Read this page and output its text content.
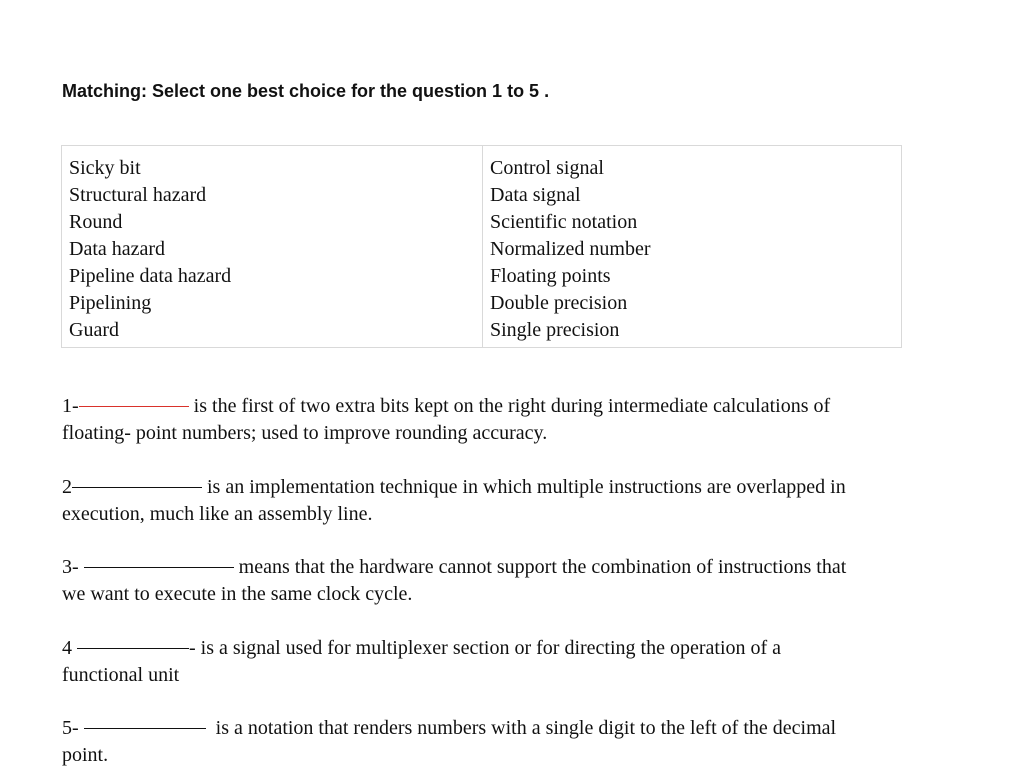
Matching: Select one best choice for the question 1 to 5 .
Sicky bit
Structural hazard
Round
Data hazard
Pipeline data hazard
Pipelining
Guard

Control signal
Data signal
Scientific notation
Normalized number
Floating points
Double precision
Single precision

1-	is the first of two extra bits kept on the right during intermediate calculations of
floating- point numbers; used to improve rounding accuracy.

2	is an implementation technique in which multiple instructions are overlapped in
execution, much like an assembly line.

3-	means that the hardware cannot support the combination of instructions that
we want to execute in the same clock cycle.

4	- is a signal used for multiplexer section or for directing the operation of a
functional unit

5-	is a notation that renders numbers with a single digit to the left of the decimal
point.
